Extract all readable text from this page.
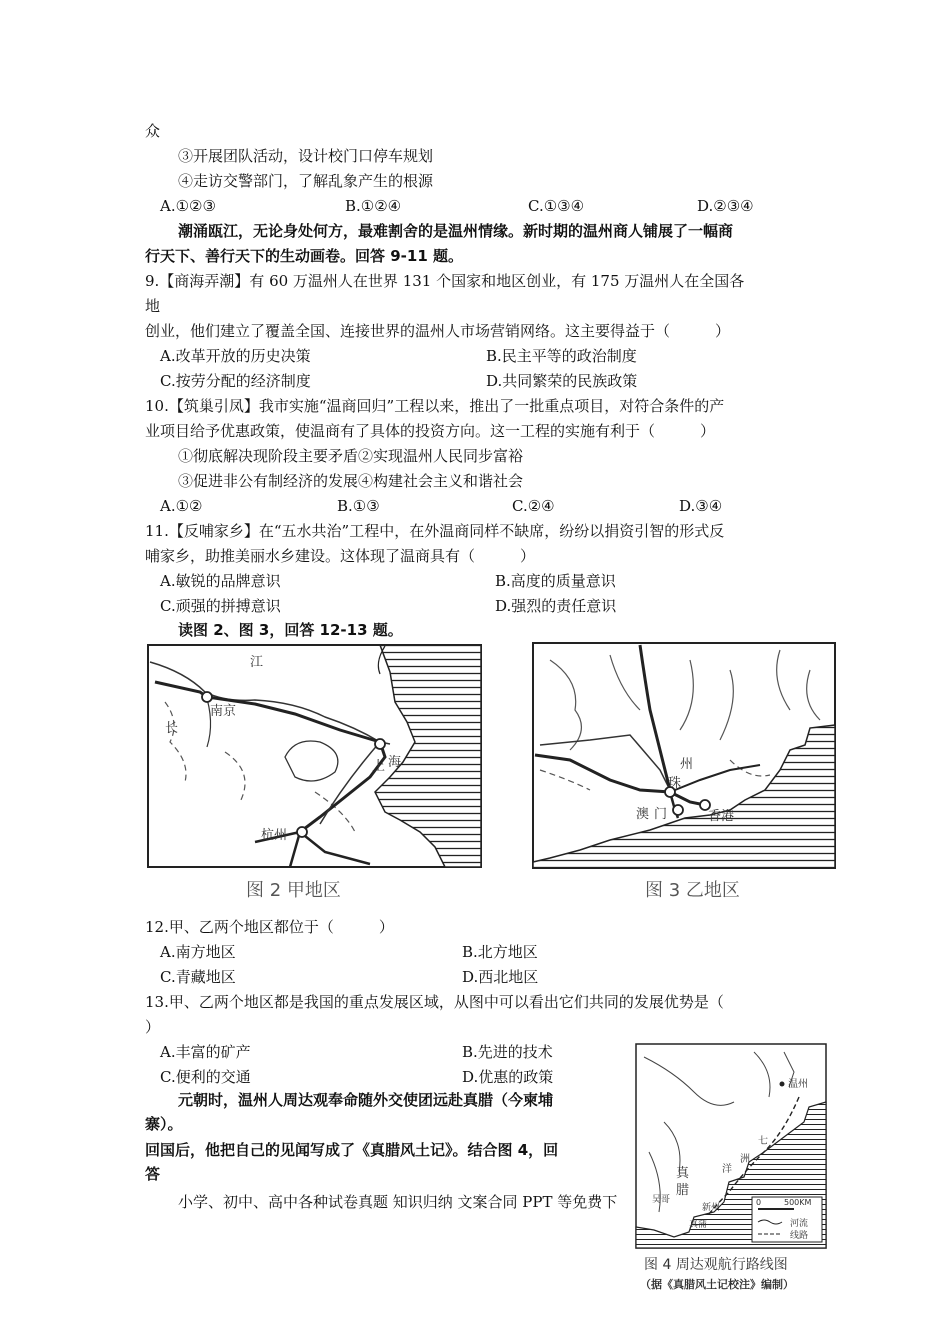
众
③开展团队活动，设计校门口停车规划
④走访交警部门，了解乱象产生的根源
A.①②③	B.①②④	C.①③④	D.②③④
潮涌瓯江，无论身处何方，最难割舍的是温州情缘。新时期的温州商人铺展了一幅商
行天下、善行天下的生动画卷。回答 9-11 题。
9.【商海弄潮】有 60 万温州人在世界 131 个国家和地区创业，有 175 万温州人在全国各
地
创业，他们建立了覆盖全国、连接世界的温州人市场营销网络。这主要得益于（　　　）
A.改革开放的历史决策	B.民主平等的政治制度
C.按劳分配的经济制度	D.共同繁荣的民族政策
10.【筑巢引凤】我市实施“温商回归”工程以来，推出了一批重点项目，对符合条件的产
业项目给予优惠政策，使温商有了具体的投资方向。这一工程的实施有利于（　　　）
①彻底解决现阶段主要矛盾②实现温州人民同步富裕
③促进非公有制经济的发展④构建社会主义和谐社会
A.①②	B.①③	C.②④	D.③④
11.【反哺家乡】在“五水共治”工程中，在外温商同样不缺席，纷纷以捐资引智的形式反
哺家乡，助推美丽水乡建设。这体现了温商具有（　　　）
A.敏锐的品牌意识	B.高度的质量意识
C.顽强的拼搏意识	D.强烈的责任意识
读图 2、图 3，回答 12-13 题。
江
南京
长
上 海
杭州
图 2 甲地区
州
珠
澳 门	香港
图 3 乙地区
12.甲、乙两个地区都位于（　　　）
A.南方地区	B.北方地区
C.青藏地区	D.西北地区
13.甲、乙两个地区都是我国的重点发展区域，从图中可以看出它们共同的发展优势是（
）
A.丰富的矿产	B.先进的技术
C.便利的交通	D.优惠的政策
元朝时，温州人周达观奉命随外交使团远赴真腊（今柬埔
寨）。
回国后，他把自己的见闻写成了《真腊风土记》。结合图 4，回
答
小学、初中、高中各种试卷真题 知识归纳 文案合同 PPT 等免费下
温州
真
腊
洋
七
洲
吴哥
新州
真蒲
0	500KM
河流
线路
图 4 周达观航行路线图
（据《真腊风土记校注》编制）
